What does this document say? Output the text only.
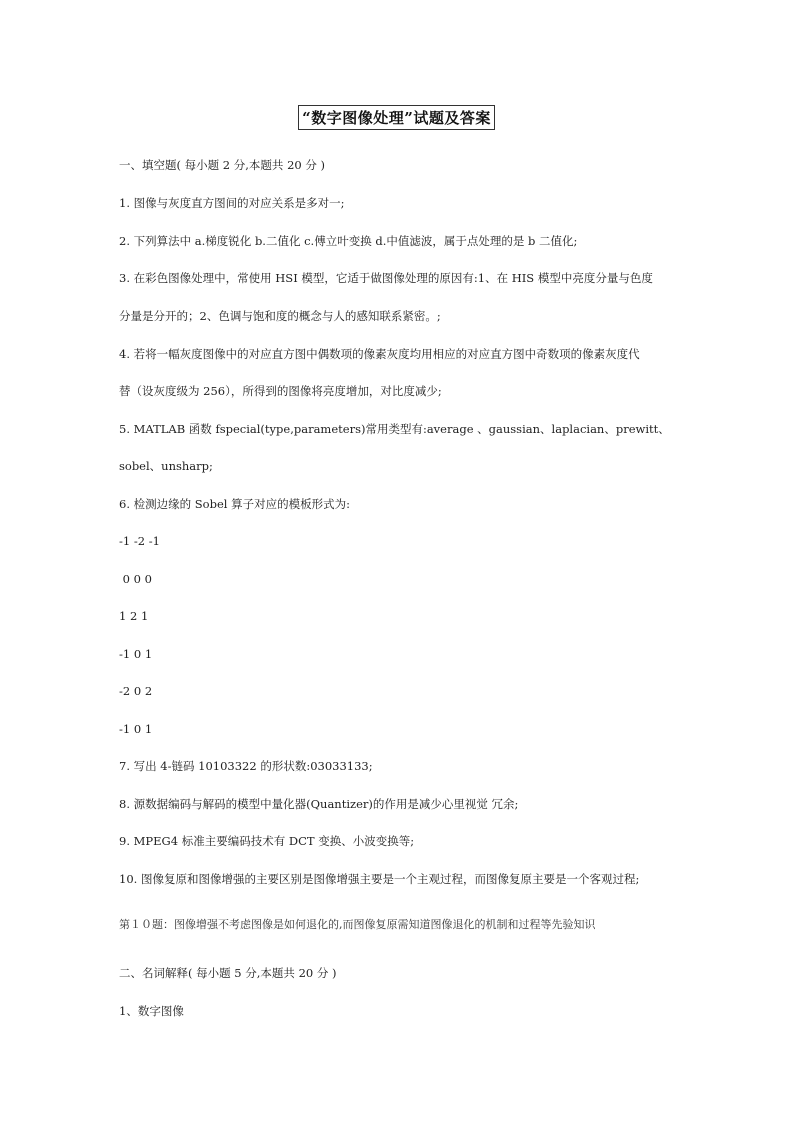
“数字图像处理”试题及答案
一、填空题( 每小题 2 分,本题共 20 分 )
1. 图像与灰度直方图间的对应关系是多对一;
2. 下列算法中 a.梯度锐化 b.二值化 c.傅立叶变换 d.中值滤波，属于点处理的是 b 二值化;
3. 在彩色图像处理中，常使用 HSI 模型，它适于做图像处理的原因有:1、在 HIS 模型中亮度分量与色度
分量是分开的；2、色调与饱和度的概念与人的感知联系紧密。;
4. 若将一幅灰度图像中的对应直方图中偶数项的像素灰度均用相应的对应直方图中奇数项的像素灰度代
替（设灰度级为 256），所得到的图像将亮度增加，对比度减少;
5. MATLAB 函数 fspecial(type,parameters)常用类型有:average 、gaussian、laplacian、prewitt、
sobel、unsharp;
6. 检测边缘的 Sobel 算子对应的模板形式为:
-1 -2 -1
0 0 0
1 2 1
-1 0 1
-2 0 2
-1 0 1
7. 写出 4-链码 10103322 的形状数:03033133;
8. 源数据编码与解码的模型中量化器(Quantizer)的作用是减少心里视觉 冗余;
9. MPEG4 标准主要编码技术有 DCT 变换、小波变换等;
10. 图像复原和图像增强的主要区别是图像增强主要是一个主观过程，而图像复原主要是一个客观过程;
第１０题：图像增强不考虑图像是如何退化的,而图像复原需知道图像退化的机制和过程等先验知识
二、名词解释( 每小题 5 分,本题共 20 分 )
1、数字图像
